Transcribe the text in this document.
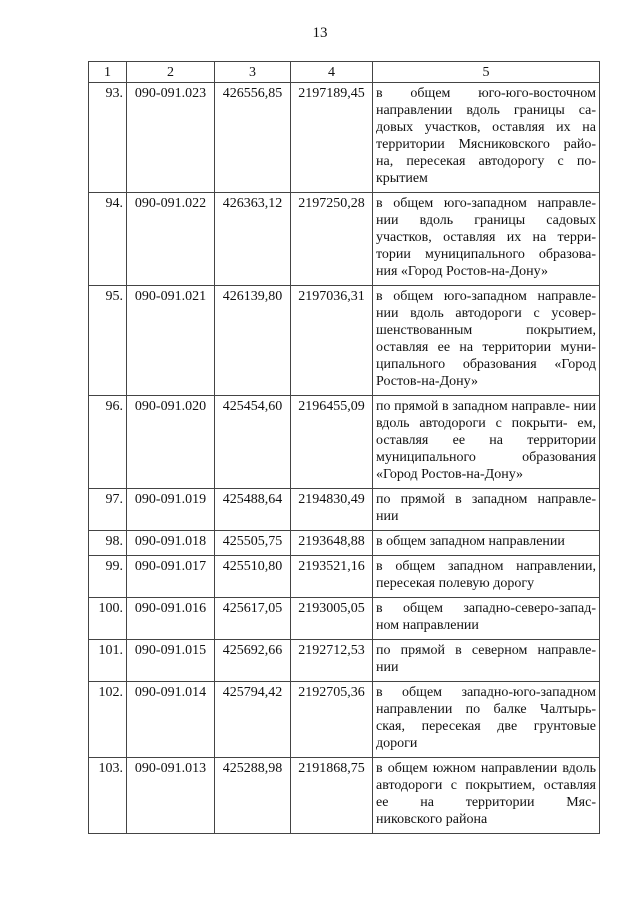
13
1	2	3	4	5
93.	090-091.023	426556,85	2197189,45	в общем юго-юго-восточном направлении вдоль границы са- довых участков, оставляя их на территории Мясниковского райо- на, пересекая автодорогу с по-
крытием

94.	090-091.022	426363,12	2197250,28	в общем юго-западном направле- нии вдоль границы садовых участков, оставляя их на терри- тории муниципального образова-
ния «Город Ростов-на-Дону»

95.	090-091.021	426139,80	2197036,31	в общем юго-западном направле- нии вдоль автодороги с усовер- шенствованным покрытием, оставляя ее на территории муни- ципального образования «Город
Ростов-на-Дону»

96.	090-091.020	425454,60	2196455,09	по прямой в западном направле- нии вдоль автодороги с покрыти- ем, оставляя ее на территории муниципального образования
«Город Ростов-на-Дону»

97.	090-091.019	425488,64	2194830,49	по прямой в западном направле-
нии

98.	090-091.018	425505,75	2193648,88	в общем западном направлении

99.	090-091.017	425510,80	2193521,16	в общем западном направлении,
пересекая полевую дорогу

100.	090-091.016	425617,05	2193005,05	в общем западно-северо-запад-
ном направлении

101.	090-091.015	425692,66	2192712,53	по прямой в северном направле-
нии

102.	090-091.014	425794,42	2192705,36	в общем западно-юго-западном направлении по балке Чалтырь- ская, пересекая две грунтовые
дороги

103.	090-091.013	425288,98	2191868,75	в общем южном направлении вдоль автодороги с покрытием, оставляя ее на территории Мяс-
никовского района
